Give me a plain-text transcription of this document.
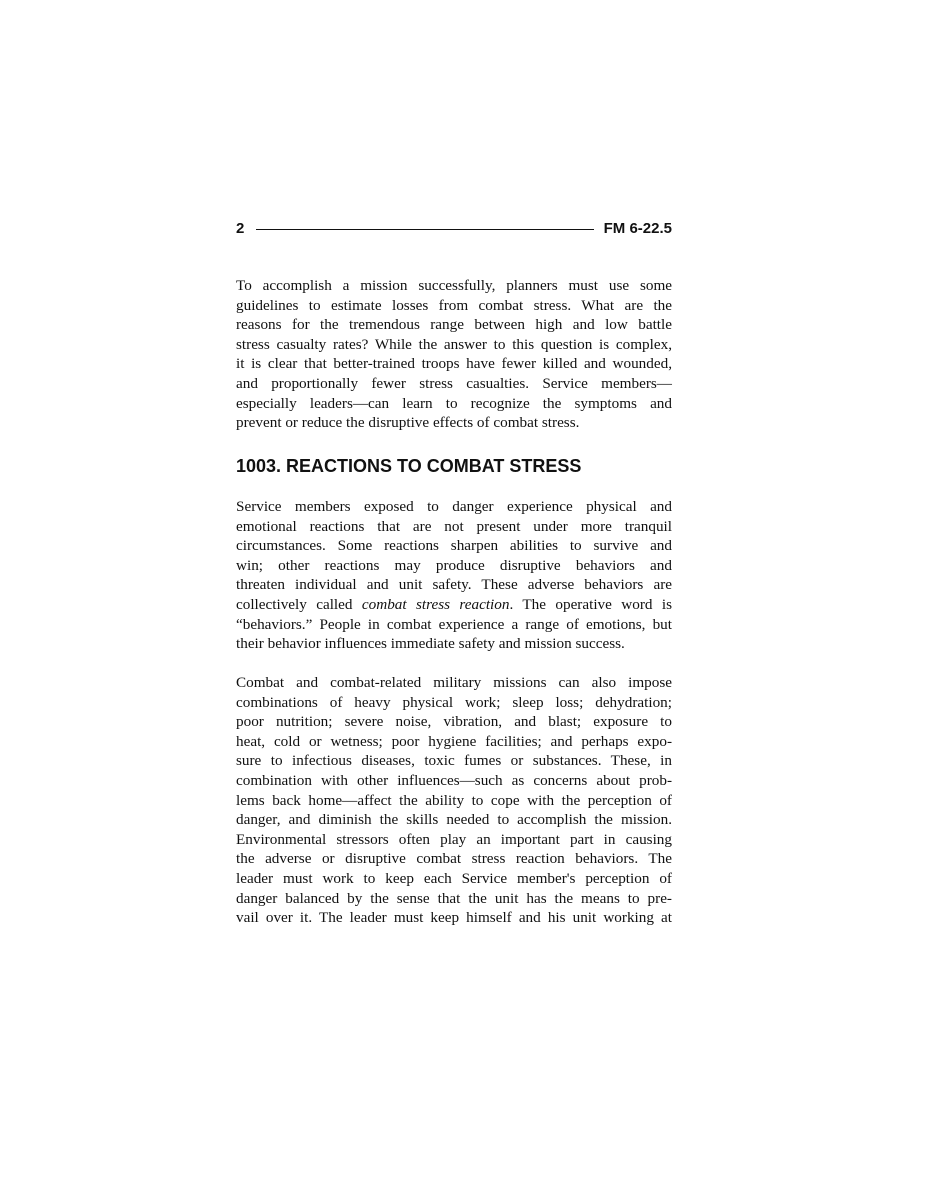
2	FM 6-22.5

To accomplish a mission successfully, planners must use some
guidelines to estimate losses from combat stress. What are the
reasons for the tremendous range between high and low battle
stress casualty rates? While the answer to this question is complex,
it is clear that better-trained troops have fewer killed and wounded,
and proportionally fewer stress casualties. Service members—
especially leaders—can learn to recognize the symptoms and
prevent or reduce the disruptive effects of combat stress.

1003. REACTIONS TO COMBAT STRESS

Service members exposed to danger experience physical and
emotional reactions that are not present under more tranquil
circumstances. Some reactions sharpen abilities to survive and
win; other reactions may produce disruptive behaviors and
threaten individual and unit safety. These adverse behaviors are
collectively called combat stress reaction. The operative word is
“behaviors.” People in combat experience a range of emotions, but
their behavior influences immediate safety and mission success.

Combat and combat-related military missions can also impose
combinations of heavy physical work; sleep loss; dehydration;
poor nutrition; severe noise, vibration, and blast; exposure to
heat, cold or wetness; poor hygiene facilities; and perhaps expo-
sure to infectious diseases, toxic fumes or substances. These, in
combination with other influences—such as concerns about prob-
lems back home—affect the ability to cope with the perception of
danger, and diminish the skills needed to accomplish the mission.
Environmental stressors often play an important part in causing
the adverse or disruptive combat stress reaction behaviors. The
leader must work to keep each Service member's perception of
danger balanced by the sense that the unit has the means to pre-
vail over it. The leader must keep himself and his unit working at
